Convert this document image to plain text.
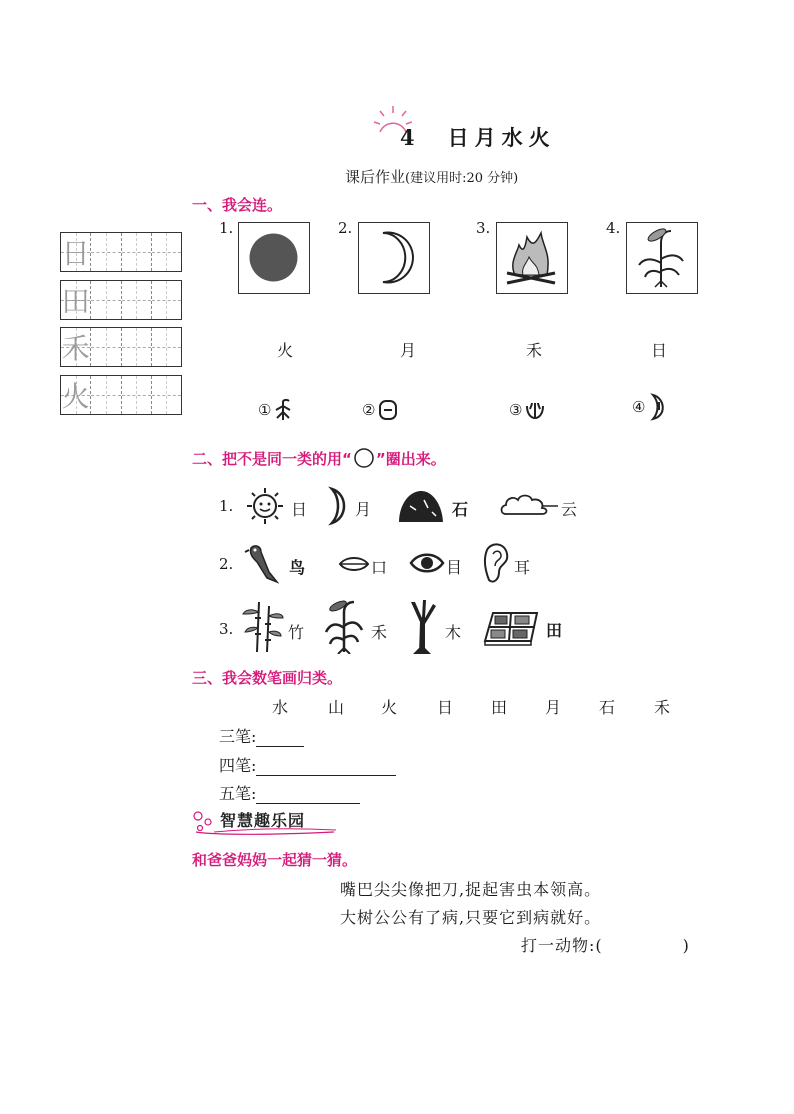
4　日月水火
课后作业(建议用时:20 分钟)
一、我会连。
日
田
禾
火
1.	2.	3.	4.
火	月	禾	日
①	②	③	④
二、把不是同一类的用“ ○ ”圈出来。
1.	日	月	石	云
2.	鸟	口	目	耳
3.	竹	禾	木	田
三、我会数笔画归类。
水 山 火 日 田 月 石 禾
三笔:
四笔:
五笔:
智慧趣乐园
和爸爸妈妈一起猜一猜。
嘴巴尖尖像把刀,捉起害虫本领高。
大树公公有了病,只要它到病就好。
打一动物:(	)
